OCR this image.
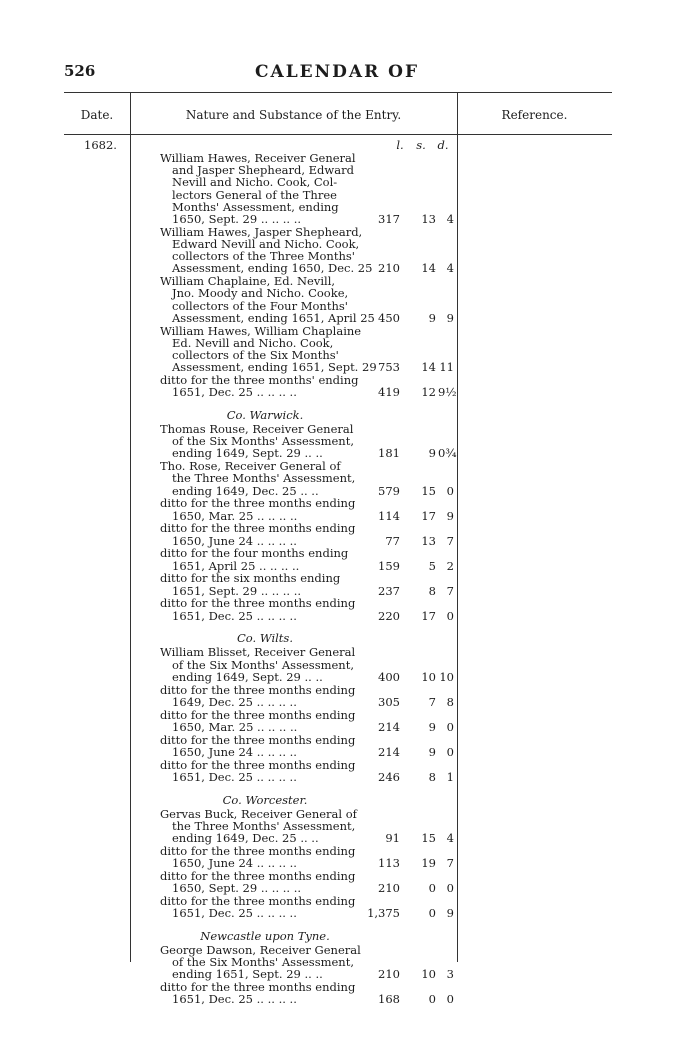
526	CALENDAR OF
Date.	Nature and Substance of the Entry.	Reference.
1682.	l. s. d.
William Hawes, Receiver General
and Jasper Shepheard, Edward
Nevill and Nicho. Cook, Col-
lectors General of the Three
Months' Assessment, ending
1650, Sept. 29 .. .. .. ..	317	13 4
William Hawes, Jasper Shepheard,
Edward Nevill and Nicho. Cook,
collectors of the Three Months'
Assessment, ending 1650, Dec. 25 210	14 4
William Chaplaine, Ed. Nevill,
Jno. Moody and Nicho. Cooke,
collectors of the Four Months'
Assessment, ending 1651, April 25 450	9 9
William Hawes, William Chaplaine
Ed. Nevill and Nicho. Cook,
collectors of the Six Months'
Assessment, ending 1651, Sept. 29 753	14 11
ditto for the three months' ending
1651, Dec. 25 .. .. .. ..	419	12 9½
Co. Warwick.
Thomas Rouse, Receiver General
of the Six Months' Assessment,
ending 1649, Sept. 29 .. ..	181	9 0¾
Tho. Rose, Receiver General of
the Three Months' Assessment,
ending 1649, Dec. 25 .. ..	579	15 0
ditto for the three months ending
1650, Mar. 25 .. .. .. ..	114	17 9
ditto for the three months ending
1650, June 24 .. .. .. ..	77	13 7
ditto for the four months ending
1651, April 25 .. .. .. ..	159	5 2
ditto for the six months ending
1651, Sept. 29 .. .. .. ..	237	8 7
ditto for the three months ending
1651, Dec. 25 .. .. .. ..	220	17 0
Co. Wilts.
William Blisset, Receiver General
of the Six Months' Assessment,
ending 1649, Sept. 29 .. ..	400	10 10
ditto for the three months ending
1649, Dec. 25 .. .. .. ..	305	7 8
ditto for the three months ending
1650, Mar. 25 .. .. .. ..	214	9 0
ditto for the three months ending
1650, June 24 .. .. .. ..	214	9 0
ditto for the three months ending
1651, Dec. 25 .. .. .. ..	246	8 1
Co. Worcester.
Gervas Buck, Receiver General of
the Three Months' Assessment,
ending 1649, Dec. 25 .. ..	91	15 4
ditto for the three months ending
1650, June 24 .. .. .. ..	113	19 7
ditto for the three months ending
1650, Sept. 29 .. .. .. ..	210	0 0
ditto for the three months ending
1651, Dec. 25 .. .. .. ..	1,375	0 9
Newcastle upon Tyne.
George Dawson, Receiver General
of the Six Months' Assessment,
ending 1651, Sept. 29 .. ..	210	10 3
ditto for the three months ending
1651, Dec. 25 .. .. .. ..	168	0 0
